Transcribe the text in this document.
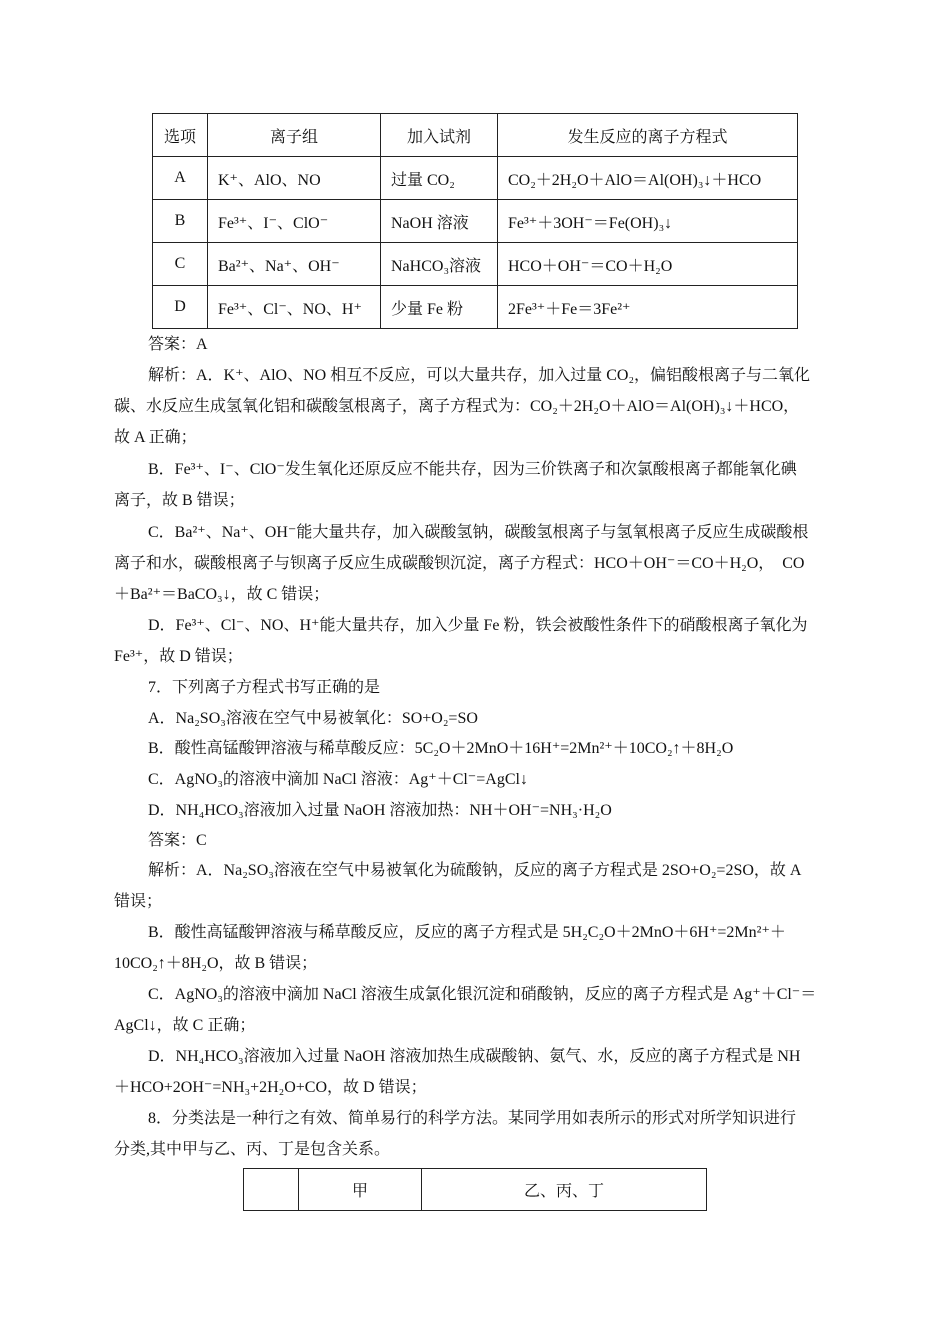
选项	离子组	加入试剂	发生反应的离子方程式
A	K⁺、AlO、NO	过量 CO₂	CO₂＋2H₂O＋AlO＝Al(OH)₃↓＋HCO
B	Fe³⁺、I⁻、ClO⁻	NaOH 溶液	Fe³⁺＋3OH⁻＝Fe(OH)₃↓
C	Ba²⁺、Na⁺、OH⁻	NaHCO₃溶液	HCO＋OH⁻＝CO＋H₂O
D	Fe³⁺、Cl⁻、NO、H⁺	少量 Fe 粉	2Fe³⁺＋Fe＝3Fe²⁺
答案：A
解析：A．K⁺、AlO、NO 相互不反应，可以大量共存，加入过量 CO₂，偏铝酸根离子与二氧化
碳、水反应生成氢氧化铝和碳酸氢根离子，离子方程式为：CO₂＋2H₂O＋AlO＝Al(OH)₃↓＋HCO，
故 A 正确；
B．Fe³⁺、I⁻、ClO⁻发生氧化还原反应不能共存，因为三价铁离子和次氯酸根离子都能氧化碘
离子，故 B 错误；
C．Ba²⁺、Na⁺、OH⁻能大量共存，加入碳酸氢钠，碳酸氢根离子与氢氧根离子反应生成碳酸根
离子和水，碳酸根离子与钡离子反应生成碳酸钡沉淀，离子方程式：HCO＋OH⁻＝CO＋H₂O，　CO
＋Ba²⁺＝BaCO₃↓，故 C 错误；
D．Fe³⁺、Cl⁻、NO、H⁺能大量共存，加入少量 Fe 粉，铁会被酸性条件下的硝酸根离子氧化为
Fe³⁺，故 D 错误；
7．下列离子方程式书写正确的是
A．Na₂SO₃溶液在空气中易被氧化：SO+O₂=SO
B．酸性高锰酸钾溶液与稀草酸反应：5C₂O＋2MnO＋16H⁺=2Mn²⁺＋10CO₂↑＋8H₂O
C．AgNO₃的溶液中滴加 NaCl 溶液：Ag⁺＋Cl⁻=AgCl↓
D．NH₄HCO₃溶液加入过量 NaOH 溶液加热：NH＋OH⁻=NH₃·H₂O
答案：C
解析：A．Na₂SO₃溶液在空气中易被氧化为硫酸钠，反应的离子方程式是 2SO+O₂=2SO，故 A
错误；
B．酸性高锰酸钾溶液与稀草酸反应，反应的离子方程式是 5H₂C₂O＋2MnO＋6H⁺=2Mn²⁺＋
10CO₂↑＋8H₂O，故 B 错误；
C．AgNO₃的溶液中滴加 NaCl 溶液生成氯化银沉淀和硝酸钠，反应的离子方程式是 Ag⁺＋Cl⁻＝
AgCl↓，故 C 正确；
D．NH₄HCO₃溶液加入过量 NaOH 溶液加热生成碳酸钠、氨气、水，反应的离子方程式是 NH
＋HCO+2OH⁻=NH₃+2H₂O+CO，故 D 错误；
8．分类法是一种行之有效、简单易行的科学方法。某同学用如表所示的形式对所学知识进行
分类,其中甲与乙、丙、丁是包含关系。
	甲	乙、丙、丁
